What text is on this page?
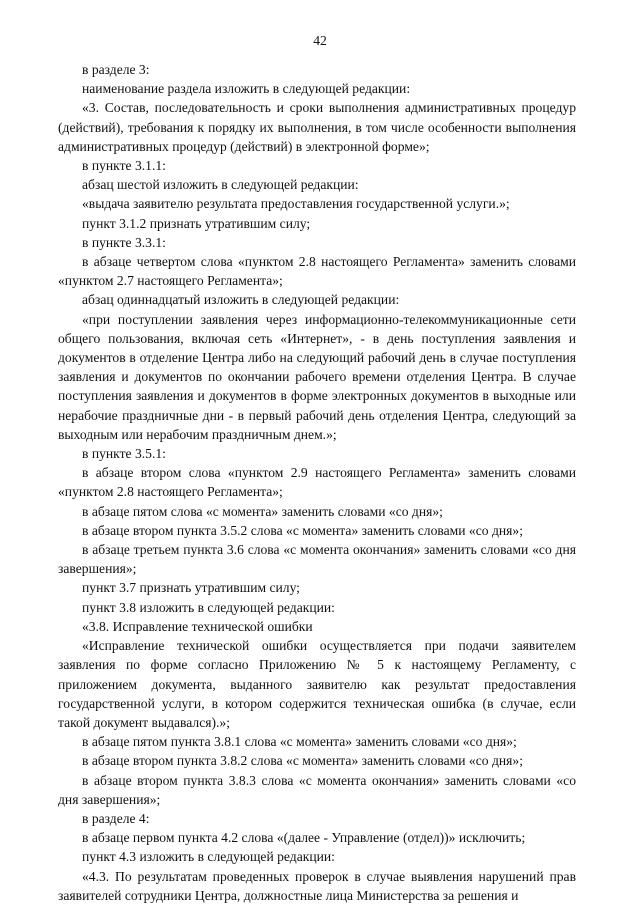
42

в разделе 3:

наименование раздела изложить в следующей редакции:

«3. Состав, последовательность и сроки выполнения административных процедур (действий), требования к порядку их выполнения, в том числе особенности выполнения административных процедур (действий) в электронной форме»;

в пункте 3.1.1:

абзац шестой изложить в следующей редакции:

«выдача заявителю результата предоставления государственной услуги.»;

пункт 3.1.2 признать утратившим силу;

в пункте 3.3.1:

в абзаце четвертом слова «пунктом 2.8 настоящего Регламента» заменить словами «пунктом 2.7 настоящего Регламента»;

абзац одиннадцатый изложить в следующей редакции:

«при поступлении заявления через информационно-телекоммуникационные сети общего пользования, включая сеть «Интернет», - в день поступления заявления и документов в отделение Центра либо на следующий рабочий день в случае поступления заявления и документов по окончании рабочего времени отделения Центра. В случае поступления заявления и документов в форме электронных документов в выходные или нерабочие праздничные дни - в первый рабочий день отделения Центра, следующий за выходным или нерабочим праздничным днем.»;

в пункте 3.5.1:

в абзаце втором слова «пунктом 2.9 настоящего Регламента» заменить словами «пунктом 2.8 настоящего Регламента»;

в абзаце пятом слова «с момента» заменить словами «со дня»;

в абзаце втором пункта 3.5.2 слова «с момента» заменить словами «со дня»;

в абзаце третьем пункта 3.6 слова «с момента окончания» заменить словами «со дня завершения»;

пункт 3.7 признать утратившим силу;

пункт 3.8 изложить в следующей редакции:

«3.8. Исправление технической ошибки

«Исправление технической ошибки осуществляется при подачи заявителем заявления по форме согласно Приложению № 5 к настоящему Регламенту, с приложением документа, выданного заявителю как результат предоставления государственной услуги, в котором содержится техническая ошибка (в случае, если такой документ выдавался).»;

в абзаце пятом пункта 3.8.1 слова «с момента» заменить словами «со дня»;

в абзаце втором пункта 3.8.2 слова «с момента» заменить словами «со дня»;

в абзаце втором пункта 3.8.3 слова «с момента окончания» заменить словами «со дня завершения»;

в разделе 4:

в абзаце первом пункта 4.2 слова «(далее - Управление (отдел))» исключить;

пункт 4.3 изложить в следующей редакции:

«4.3. По результатам проведенных проверок в случае выявления нарушений прав заявителей сотрудники Центра, должностные лица Министерства за решения и
